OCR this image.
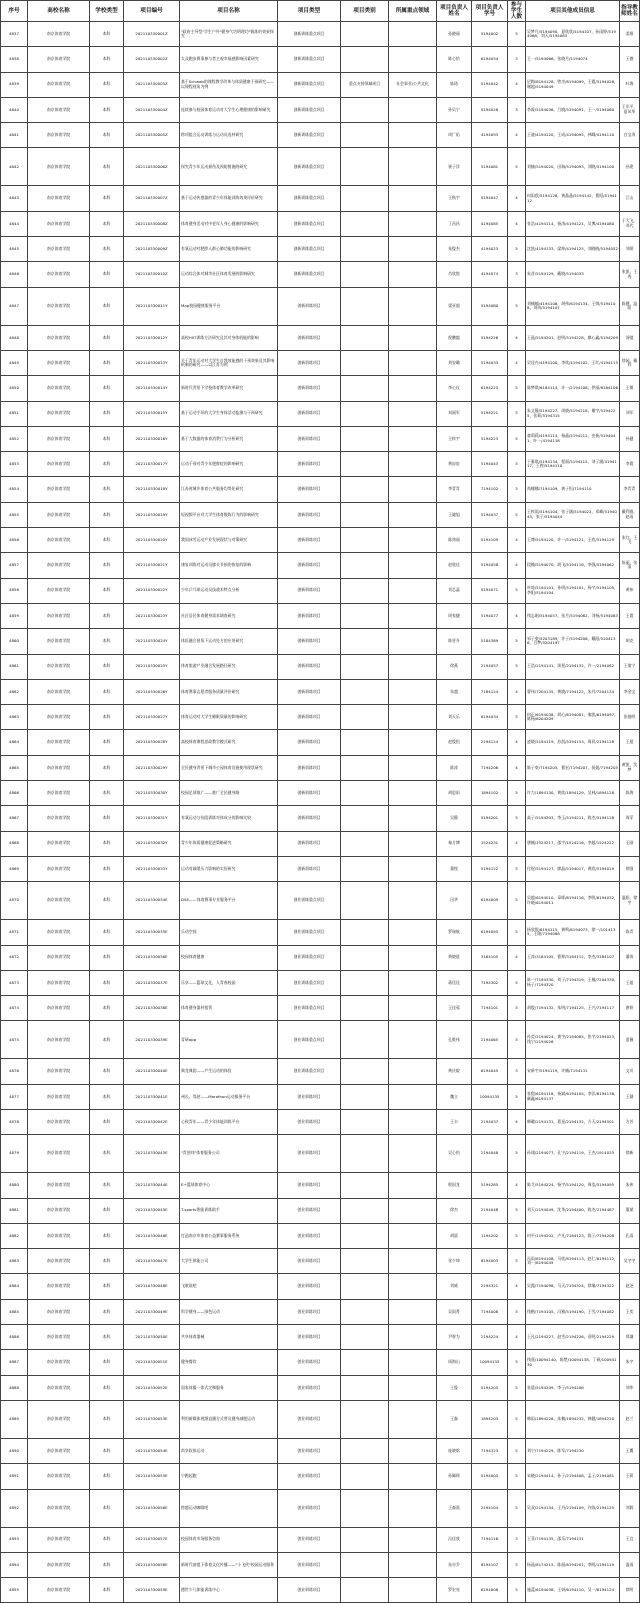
序号	高校名称	学校类型	项目编号	项目名称	项目类型	项目类别	所属重点领域	项目负责人姓名	项目负责人学号	参与学生人数	项目其他成员信息	指导教师姓名
4837	南京体育学院	本科	202110330001Z	"政府主导型"学生户外"健身气功明理功"锻炼的效果探究	创新训练重点项目			孙晓丽	5194002	5	吴梦月/5194090，夏欣欣/5194107，孙雨婷/5194068，刘天/5194083	姜维
4838	南京体育学院	本科	202110330002Z	太众跑步赛事参与者主观幸福感影响因素研究	创新训练重点项目			陈心怡	6194054	3	王一/5194066，张晓月/5194074	王德
4839	南京体育学院	本科	202110330003Z	基于Schwab的课程教学改革与体质健康干预研究——以课程视角为例	创新训练重点项目	重点支持领域项目	社会事业/公共文化	陈琦	5194042	4	尼梅/8194128，曾杰/8194099，王霞/5194028，谢超/5194049	叶海
4840	南京体育学院	本科	202110330004Z	连续参与校园体育运动对大学生心理健康的影响研究	创新训练重点项目			孙贝宁	5194028	3	李霖/5194036，吕晓/5194091，王一/5194060	王军平，夏风华
4841	南京体育学院	本科	202110330005Z	跨项组合运动训练与运动员选材研究	创新训练重点项目			周广佑	4194093	4	王骁/4194120，王成/4194095，林峰/4194110	白宝涛
4842	南京体育学院	本科	202110330006Z	探究青少年运动损伤及预防措施的研究	创新训练重点项目			崔子洋	5194081	5	刘楠/5194020，田瑞/5194093，刘晓/5194100	孙建
4843	南京体育学院	本科	202110330007Z	基于运动传感器的青少年体能训练效果评价研究	创新训练重点项目			王秋宇	5194047	4	何雨欣/5194128，黄晶晶/5194142，曹阳/5194112	江山
4844	南京体育学院	本科	202110330008Z	体育健身活动对中老年人身心健康的影响研究	创新训练重点项目			丁昌昌	4194085	4	张浩/4194114，杨涛/4194121，吴博/4194080	于大飞，邓代
4845	南京体育学院	本科	202110330009Z	有氧运动对肥胖人群心肺功能的影响研究	创新训练重点项目			朱俊杰	4194023	5	沈凯/4194133，梁坤/4194125，刘晓晓/5194052	刘炳
4846	南京体育学院	本科	202110330010Z	运动综合体对城市社区体育发展的影响研究	创新训练重点项目			肖欣悦	4194074	3	朱晋/5194129，戴晓/5194033	张凯，王秀
4847	南京体育学院	本科	202110330011Y	Map校园健康服务平台	创新训练项目			梁亚超	5194080	5	刘楠楠/4194108，胡伟/6194134，王帅/5194108，刘冉/5194107	陈健，温阳
4848	南京体育学院	本科	202110330012Y	高校HIIT训练方法研究及其对身体机能的影响	创新训练项目			倪鹏越	5194226	4	王晶/5194201，赵明/5194228，廖心鑫/5194209	汤镜
4849	南京体育学院	本科	202110330013Y	关于青年运动对大学生自我效能感的干预效果及其影响机制的研究——以江苏为例	创新训练项目			刘安璐	5194033	4	吴佳卉/4194100，李欣/4194102，王红/4194115	徐园，戴利
4850	南京体育学院	本科	202110330014Y	新时代背景下学校体育教学改革研究	创新训练项目			李心仪	6194223	5	陈梦琪/6184114，许一/2194108，伊丽/6184106	王敏
4851	南京体育学院	本科	202110330015Y	基于运动手环的大学生身体活动监测与干预研究	创新训练项目			刘丽军	5194221	5	朱文静/5194227，周晓/5194218，谢宇/5194225，张莉/5194315	刘军
4852	南京体育学院	本科	202110330016Y	基于大数据的体育消费行为分析研究	创新训练项目			王梓宇	5194223	5	童莉莉/4194114，杨晶/5194212，史新/5194041，叶一/4194118	孙健
4853	南京体育学院	本科	202110330017Y	运动干预对青少年肥胖症的影响研究	创新训练项目			黄宙宸	5194043	5	于雅琪/5194134，程丽/5194115，刘子涵/4194117，王婷/5194110	李霞
4854	南京体育学院	本科	202110330018Y	江苏省城乡体育公共服务均等化研究	创新训练项目			李青青	7194102	3	尚娜娜/7194109，黄子恒/7194110	李青青
4855	南京体育学院	本科	202110330019Y	短视频平台对大学生体育锻炼行为的影响研究	创新训练项目			王婕旭	5194037	5	王梓雨/5194104，张子涵/5194022，邓峰/5194045，张子/5194044	戴利群，赵雨
4856	南京体育学院	本科	202110330020Y	我国冰雪运动产业发展现状与对策研究	创新训练项目			陈鸿丽	5194109	4	王博/5194120，许一/5194121，王欣/5194129	张红，王飞
4857	南京体育学院	本科	202110330021Y	康复训练对运动员膝关节损伤恢复的影响	创新训练项目			赵欣佳	5194058	4	段楠/5194070，胡飞/5194118，李强/5194062	陈丽，张清
4858	南京体育学院	本科	202110330022Y	少年乒乓球运动员技战术特点分析	创新训练项目			刘芯蕊	5194071	5	叶绮/5194101，孙明/5194101，杨宇/5194105，李阳/5194104	黄伟
4859	南京体育学院	本科	202110330023Y	社区居民体育健身需求调查研究	创新训练项目			周家捷	5194077	4	钱志刚/5194057，张月/5194082，刘杨/5194083	王霞
4860	南京体育学院	本科	202110330024Y	体医融合视角下运动处方的应用研究	创新训练项目			陈晋升	5184389	5	邹子豪/5203189，许子/5194206，戴阳/5204136，吕梦/5204197	胡克
4861	南京体育学院	本科	202110330025Y	体育旅游产业融合发展路径研究	创新训练项目			徐燕	2194057	5	王浩/2194141，周景/2194132，许一/2194082	王倩宁
4862	南京体育学院	本科	202110330026Y	体育赛事志愿者服务质量评价研究	创新训练项目			朱越	7184124	4	曹伟/7204135，黄晓/7194122，朱丹/7204134	李金宝
4863	南京体育学院	本科	202110330027Y	体育运动对大学生睡眠质量的影响研究	创新训练项目			刘天乐	6194034	5	何正/6194038，胡心/6194001，秦凯/6194097，陈杨/6204209	张骏明
4864	南京体育学院	本科	202110330028Y	高校体育课程思政教学模式研究	创新训练项目			赵俊恒	2194124	4	凌晓/5194119，苏凯/5194153，周祥/2194128	王超
4865	南京体育学院	本科	202110330029Y	全民健身背景下城市公园体育设施使用现状研究	创新训练项目			陈涛	7194206	4	陈子豪/7194205，曹宏/7194207，侯媛/7194205	黄凯，沈梦
4866	南京体育学院	本科	202110330030Y	校园足球推广——推广全民健身路	创新训练项目			胡思雨	1894102	5	许力/1894130，黄欣/1894129，吴林/1894128	陈海
4867	南京体育学院	本科	202110330031Y	有氧运动与抗阻训练对体成分的影响比较	创新训练项目			吴静	5194201	5	高子/5194203，李玉/5194211，陈杰/5194128	周菲
4868	南京体育学院	本科	202110330032Y	青少年体质健康促进策略研究	创新训练项目			秦方博	1524231	4	唐楠/1524217，邵宇/1524216，李超/1524222	王刚
4869	南京体育学院	本科	202110330033Y	运动对减缓压力影响的实验研究	创新训练项目			董悦	5194122	5	付煜/5194127，廖晶/5194017，黄欣/5194019	徐强
4870	南京体育学院	本科	202110330034E	DSE——体育赛事专业服务平台	创业训练重点项目			田华	6194009	5	吴越/6194010，章晖/6194116，李明/6194032，许晓/6194011	温阳，徐宇
4871	南京体育学院	本科	202110330035E	乐动空间	创业训练重点项目			罗瑞航	6194095	5	杨欣悦/6194115，黄鸣/6194073，徐一/1014135，王刚/7194088	陈青
4872	南京体育学院	本科	202110330036E	校园体育健康	创业训练重点项目			黄晓晨	3164105	4	王涛/3184105，曹梓/3184112，李杰/3184107	潘涛
4873	南京体育学院	本科	202110330037E	乐享——篮球文化，人青春校园	创业训练重点项目			蒋佳佳	7194302	5	陈一/7194330，刘子/7194319，王楠/7204330，杨子/7194320	王超
4874	南京体育学院	本科	202110330038E	体育健身器材租赁	创业训练重点项目			王佳蓉	7194101	5	胡俊/7194132，朱明/7194125，王兴/7194117	唐妍
4875	南京体育学院	本科	202110330039E	青研app	创业训练重点项目			孔维伟	2194065	5	孙荧/2194024，黄宇/2194085，张宇/2194023，钱宁/2194026	夏薇
4876	南京体育学院	本科	202110330040E	典龙典韵——产生运动的体验	创业训练重点项目			黄庆毅	6194045	3	宋新宇/5194119，许楠/7194131	文川
4877	南京体育学院	本科	202110330041E	州长，驾驶——Marathon运动服务平台	创业训练项目			魏立	10094135	5	张甜/6194118，杨斌/6194105，李洋/6194138，颜鑫/6194137	王涵
4878	南京体育学院	本科	202110330042E	心致青年——青少年体能训练平台	创业训练项目			王丰	2194037	4	韩璐/2194131，葛星/2194132，方天/2194501	方芳
4879	南京体育学院	本科	202110330043E	"青创邦"体育服务公司	创业训练项目			吴心怡	2194048	5	孙翊/2194077，孔宁/2194119，王杰/1914033	徐新
4880	南京体育学院	本科	202110330044E	E+篮球体育中心	创业训练项目			殷国龙	5194285	4	陈艾/5194224，杨宇/5194120，周浩/5194095	朱伟
4881	南京体育学院	本科	202110330045E	T-sports智能训练助手	创业训练项目			徐杰	2194048	5	刘天/2194049，沈华/2194400，陈杰/2194487	董斌
4882	南京体育学院	本科	202110330046E	打造南京市体育公益赛事服务系统	创业训练项目			胡晨	1194202	5	何平/1194202，卢凡/7184123，陈子/7194208	孔雨
4883	南京体育学院	本科	202110330047E	大学生体能公司	创业训练项目			张少坤	8194003	5	冯雨/8194108，马欣/8194113，赵仁/8194112，刘一/8194045	吴宇宇
4884	南京体育学院	本科	202110330048E	飞歌说吧	创业训练项目			刘威	2194321	4	吴露/7194098，马天/7194324，徐瑞/7194322	赵芝
4885	南京体育学院	本科	202110330049E	科学健身——绿色运动	创业训练项目			吴雨菁	7194008	5	钱楷/7194105，冯雅/5194190，王雪/7194082	王奕
4886	南京体育学院	本科	202110330050E	共享体育器械	创业训练项目			尹智为	2194224	4	王凡/2194227，赵雪/2194226，袁明/2194229	郑谦
4887	南京体育学院	本科	202110330051E	健身餐饮	创业训练项目			周海山	10094133	5	钱嘉/10094140，陈楚/10094138，丁硕/10094130	朱宇
4888	南京体育学院	本科	202110330052E	国家体操一体式定制服务	创业训练项目			王俊	5194205	5	张晨/5194209，李子/5194208	刘华
4889	南京体育学院	本科	202110330053E	利用新媒体视频直播方式普及健身减肥运动	创业训练项目			王森	1894203	5	韩雨/1894228，朱楠/1894232，韩健/1894220	赵兰
4890	南京体育学院	本科	202110330054E	尚享软体运动	创业训练项目			庞晓晗	7194323	5	刘宁/7194229，陈军/7194230	王翼
4891	南京体育学院	本科	202110330055E	宁跑起跑	创业训练项目			孙佩瑶	5194003	5	宋晓/2194414，孙子/2194408，孟子/2194081	王莉
4892	南京体育学院	本科	202110330056E	跨越运动咖啡吧	创业训练项目			王森嘉	2194104	5	吴双/2194134，王丹/2194109，许陈/2194125	刘润
4893	南京体育学院	本科	202110330057E	校园体育市场服务咨询	创业训练项目			冯佳欣	7194116	3	王菲/7194135，邵乐/7194131	王宜
4894	南京体育学院	本科	202110330058E	新时代前提下体育文化传播——"小飞侠"校园运动服务	创业训练项目			朱亦乔	8194107	5	杨晶/8174215，陈丽/8194201，李明/1194119	温雨
4895	南京体育学院	本科	202110330059E	德世少儿体能训练中心	创业训练项目			罗宏亮	6194008	5	施蓝/6194038，王妍/6194110，吴一/6194124	徐明
